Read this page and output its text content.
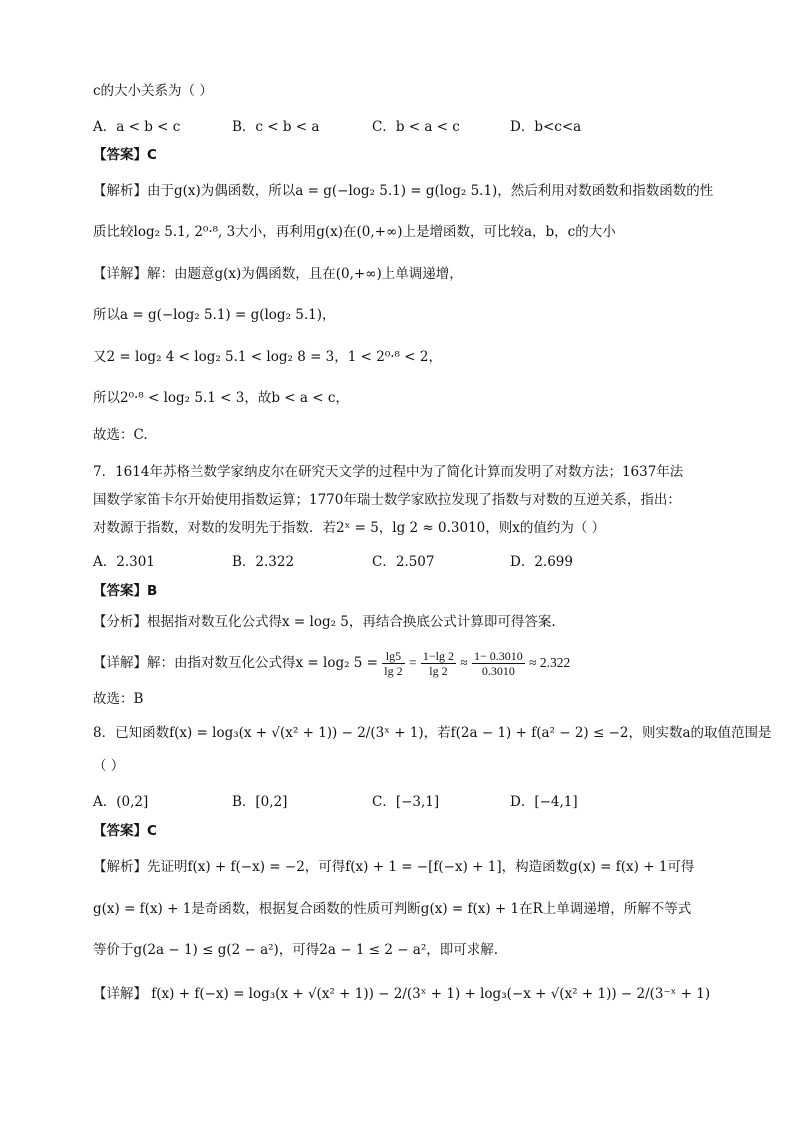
c的大小关系为（ ）
A．a < b < c	B．c < b < a	C．b < a < c	D．b<c<a
【答案】C
【解析】由于g(x)为偶函数，所以a = g(−log₂ 5.1) = g(log₂ 5.1)，然后利用对数函数和指数函数的性
质比较log₂ 5.1, 2⁰·⁸, 3大小，再利用g(x)在(0,+∞)上是增函数，可比较a，b，c的大小
【详解】解：由题意g(x)为偶函数，且在(0,+∞)上单调递增，
所以a = g(−log₂ 5.1) = g(log₂ 5.1)，
又2 = log₂ 4 < log₂ 5.1 < log₂ 8 = 3，1 < 2⁰·⁸ < 2，
所以2⁰·⁸ < log₂ 5.1 < 3，故b < a < c，
故选：C.
7．1614年苏格兰数学家纳皮尔在研究天文学的过程中为了简化计算而发明了对数方法；1637年法
国数学家笛卡尔开始使用指数运算；1770年瑞士数学家欧拉发现了指数与对数的互逆关系，指出：
对数源于指数，对数的发明先于指数．若2ˣ = 5，lg 2 ≈ 0.3010，则x的值约为（ ）
A．2.301	B．2.322	C．2.507	D．2.699
【答案】B
【分析】根据指对数互化公式得x = log₂ 5，再结合换底公式计算即可得答案.
【详解】解：由指对数互化公式得x = log₂ $5 = \frac{\lg 5}{\lg 2} = \frac{1-\lg 2}{\lg 2} \approx \frac{1- 0.3010}{0.3010} \approx 2.322$
故选：B
8．已知函数f(x) = log₃(x + √(x² + 1)) − 2/(3ˣ + 1)，若f(2a − 1) + f(a² − 2) ≤ −2，则实数a的取值范围是
（ ）
A．(0,2]	B．[0,2]	C．[−3,1]	D．[−4,1]
【答案】C
【解析】先证明f(x) + f(−x) = −2，可得f(x) + 1 = −[f(−x) + 1]，构造函数g(x) = f(x) + 1可得
g(x) = f(x) + 1是奇函数，根据复合函数的性质可判断g(x) = f(x) + 1在R上单调递增，所解不等式
等价于g(2a − 1) ≤ g(2 − a²)，可得2a − 1 ≤ 2 − a²，即可求解.
【详解】 f(x) + f(−x) = log₃(x + √(x² + 1)) − 2/(3ˣ + 1) + log₃(−x + √(x² + 1)) − 2/(3⁻ˣ + 1)
